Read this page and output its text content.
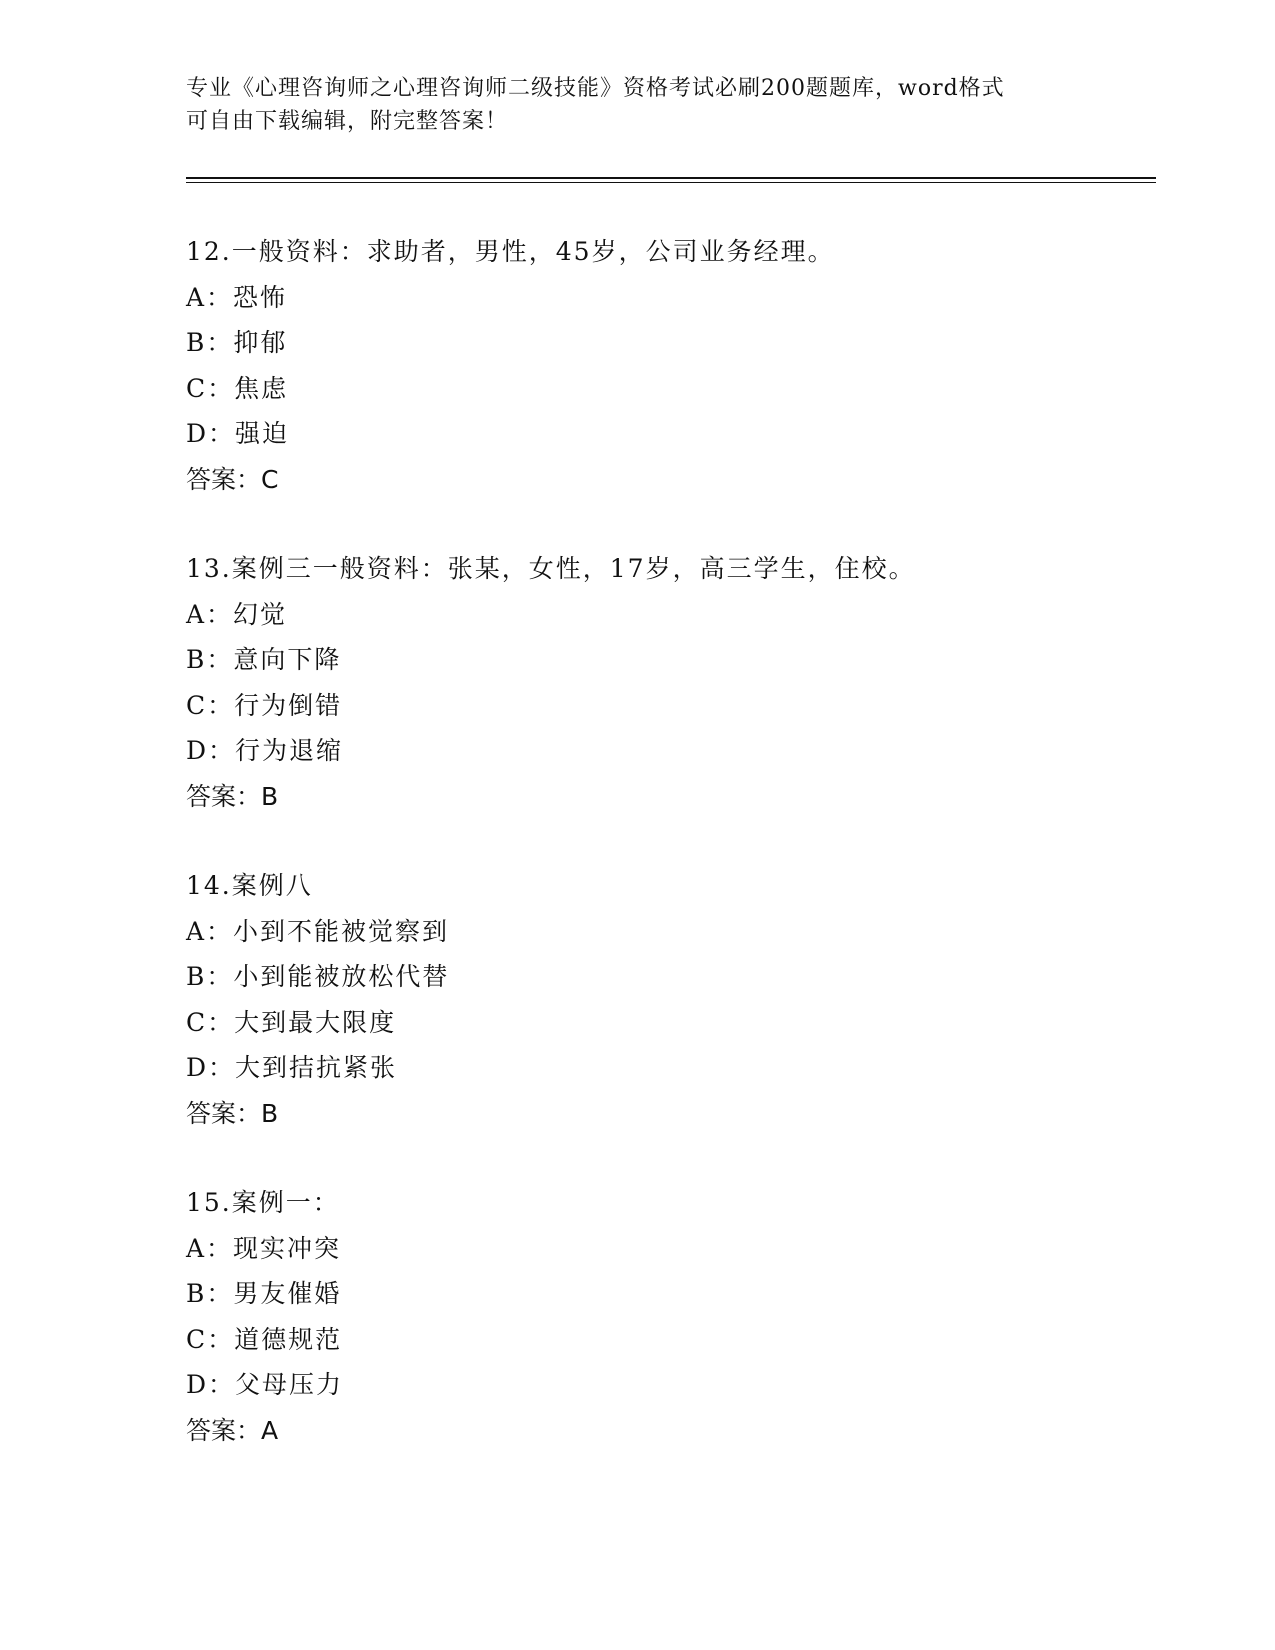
专业《心理咨询师之心理咨询师二级技能》资格考试必刷200题题库，word格式
可自由下载编辑，附完整答案！
12.一般资料：求助者，男性，45岁，公司业务经理。
A：恐怖
B：抑郁
C：焦虑
D：强迫
答案：C
13.案例三一般资料：张某，女性，17岁，高三学生，住校。
A：幻觉
B：意向下降
C：行为倒错
D：行为退缩
答案：B
14.案例八
A：小到不能被觉察到
B：小到能被放松代替
C：大到最大限度
D：大到拮抗紧张
答案：B
15.案例一：
A：现实冲突
B：男友催婚
C：道德规范
D：父母压力
答案：A
